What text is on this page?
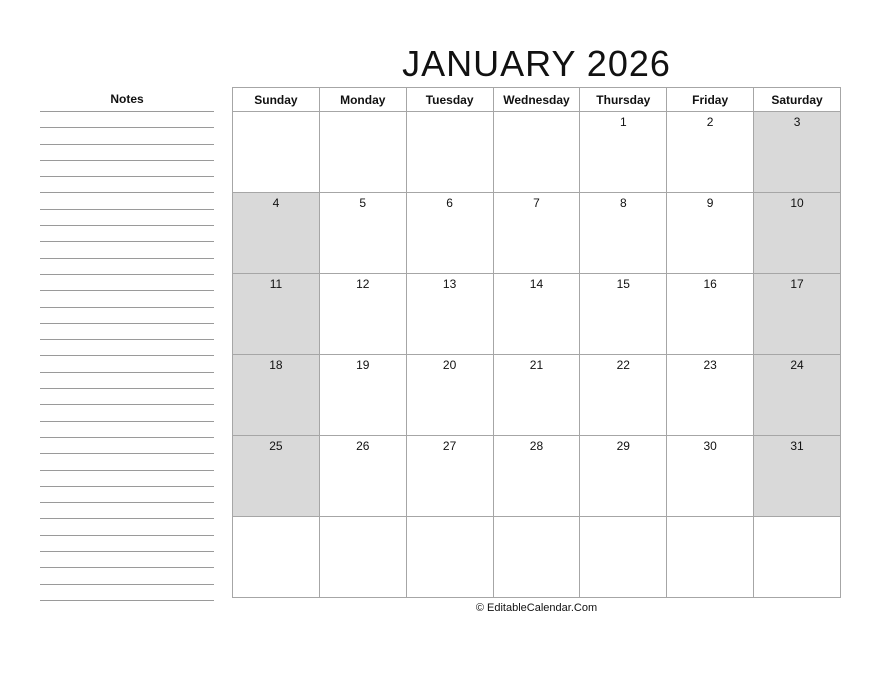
JANUARY 2026
Notes	Sunday	Monday	Tuesday	Wednesday	Thursday	Friday	Saturday

				1	2	3

4	5	6	7	8	9	10

11	12	13	14	15	16	17

18	19	20	21	22	23	24

25	26	27	28	29	30	31

© EditableCalendar.Com
